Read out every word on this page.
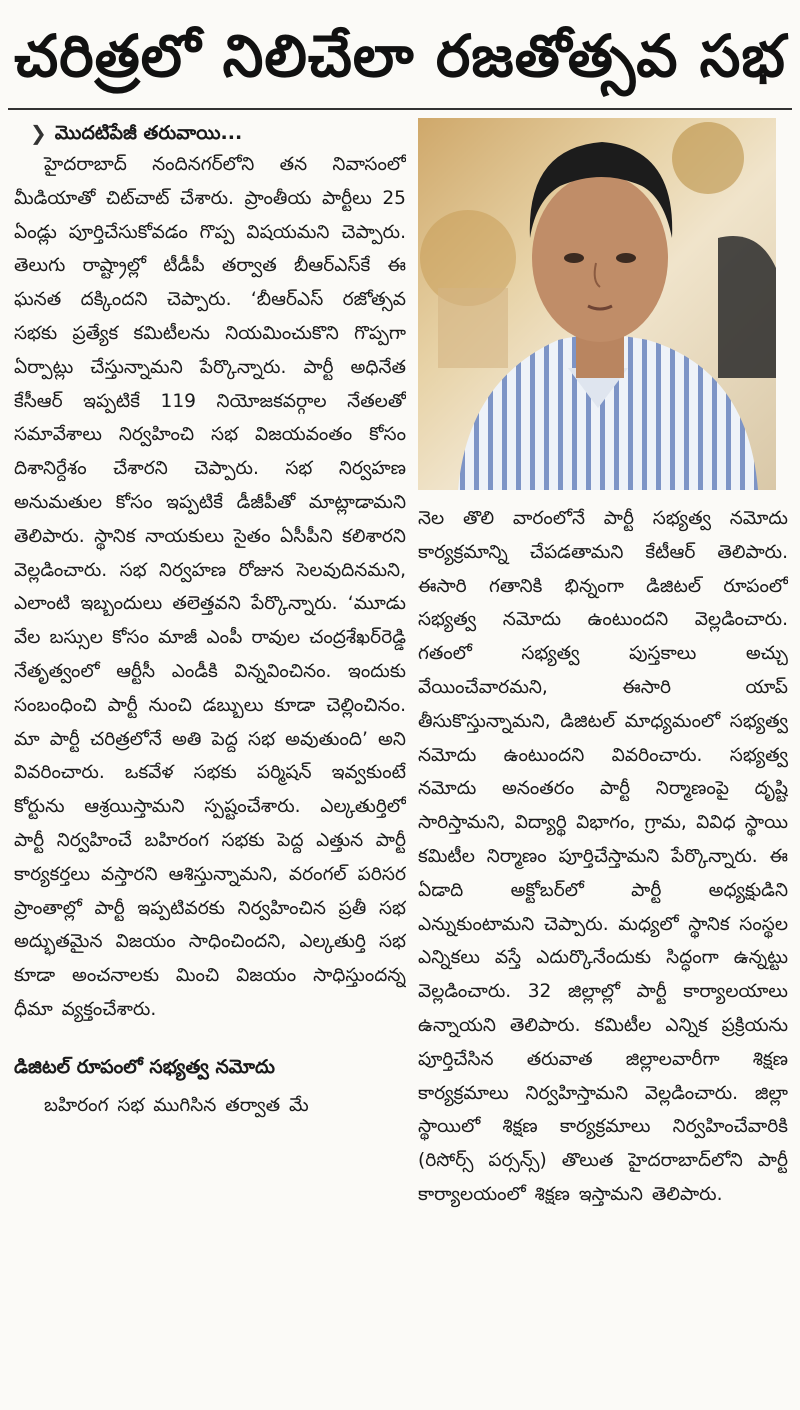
చరిత్రలో నిలిచేలా రజతోత్సవ సభ
❯ మొదటిపేజీ తరువాయి...

హైదరాబాద్ నందినగర్‌లోని తన నివాసంలో మీడియాతో చిట్‌చాట్ చేశారు. ప్రాంతీయ పార్టీలు 25 ఏండ్లు పూర్తిచేసుకోవడం గొప్ప విషయమని చెప్పారు. తెలుగు రాష్ట్రాల్లో టీడీపీ తర్వాత బీఆర్‌ఎస్‌కే ఈ ఘనత దక్కిందని చెప్పారు. ‘బీఆర్‌ఎస్ రజోత్సవ సభకు ప్రత్యేక కమిటీలను నియమించుకొని గొప్పగా ఏర్పాట్లు చేస్తున్నామని పేర్కొన్నారు. పార్టీ అధినేత కేసీఆర్ ఇప్పటికే 119 నియోజకవర్గాల నేతలతో సమావేశాలు నిర్వహించి సభ విజయవంతం కోసం దిశానిర్దేశం చేశారని చెప్పారు. సభ నిర్వహణ అనుమతుల కోసం ఇప్పటికే డీజీపీతో మాట్లాడామని తెలిపారు. స్థానిక నాయకులు సైతం ఏసీపీని కలిశారని వెల్లడించారు. సభ నిర్వహణ రోజున సెలవుదినమని, ఎలాంటి ఇబ్బందులు తలెత్తవని పేర్కొన్నారు. ‘మూడు వేల బస్సుల కోసం మాజీ ఎంపీ రావుల చంద్రశేఖర్‌రెడ్డి నేతృత్వంలో ఆర్టీసీ ఎండీకి విన్నవించినం. ఇందుకు సంబంధించి పార్టీ నుంచి డబ్బులు కూడా చెల్లించినం. మా పార్టీ చరిత్రలోనే అతి పెద్ద సభ అవుతుంది’ అని వివరించారు. ఒకవేళ సభకు పర్మిషన్ ఇవ్వకుంటే కోర్టును ఆశ్రయిస్తామని స్పష్టంచేశారు. ఎల్కతుర్తిలో పార్టీ నిర్వహించే బహిరంగ సభకు పెద్ద ఎత్తున పార్టీ కార్యకర్తలు వస్తారని ఆశిస్తున్నామని, వరంగల్ పరిసర ప్రాంతాల్లో పార్టీ ఇప్పటివరకు నిర్వహించిన ప్రతీ సభ అద్భుతమైన విజయం సాధించిందని, ఎల్కతుర్తి సభ కూడా అంచనాలకు మించి విజయం సాధిస్తుందన్న ధీమా వ్యక్తంచేశారు.

డిజిటల్ రూపంలో సభ్యత్వ నమోదు

బహిరంగ సభ ముగిసిన తర్వాత మే

నెల తొలి వారంలోనే పార్టీ సభ్యత్వ నమోదు కార్యక్రమాన్ని చేపడతామని కేటీఆర్ తెలిపారు. ఈసారి గతానికి భిన్నంగా డిజిటల్ రూపంలో సభ్యత్వ నమోదు ఉంటుందని వెల్లడించారు. గతంలో సభ్యత్వ పుస్తకాలు అచ్చు వేయించేవారమని, ఈసారి యాప్ తీసుకొస్తున్నామని, డిజిటల్ మాధ్యమంలో సభ్యత్వ నమోదు ఉంటుందని వివరించారు. సభ్యత్వ నమోదు అనంతరం పార్టీ నిర్మాణంపై దృష్టి సారిస్తామని, విద్యార్థి విభాగం, గ్రామ, వివిధ స్థాయి కమిటీల నిర్మాణం పూర్తిచేస్తామని పేర్కొన్నారు. ఈ ఏడాది అక్టోబర్‌లో పార్టీ అధ్యక్షుడిని ఎన్నుకుంటామని చెప్పారు. మధ్యలో స్థానిక సంస్థల ఎన్నికలు వస్తే ఎదుర్కొనేందుకు సిద్ధంగా ఉన్నట్టు వెల్లడించారు. 32 జిల్లాల్లో పార్టీ కార్యాలయాలు ఉన్నాయని తెలిపారు. కమిటీల ఎన్నిక ప్రక్రియను పూర్తిచేసిన తరువాత జిల్లాలవారీగా శిక్షణ కార్యక్రమాలు నిర్వహిస్తామని వెల్లడించారు. జిల్లా స్థాయిలో శిక్షణ కార్యక్రమాలు నిర్వహించేవారికి (రిసోర్స్ పర్సన్స్) తొలుత హైదరాబాద్‌లోని పార్టీ కార్యాలయంలో శిక్షణ ఇస్తామని తెలిపారు.
